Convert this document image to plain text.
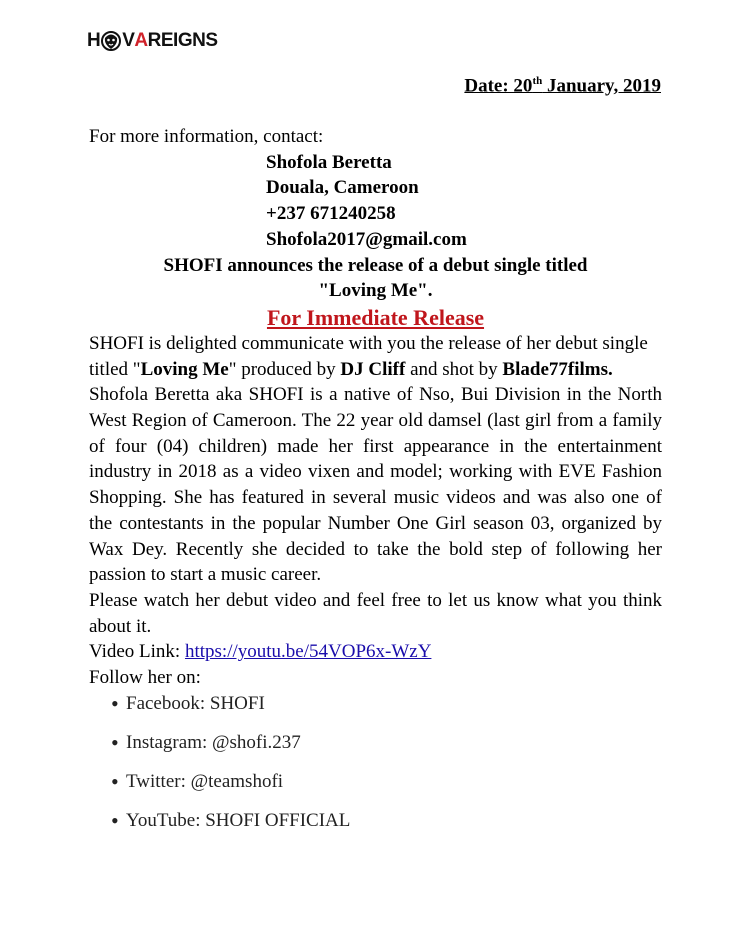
H V A REIGNS
Date: 20th January, 2019
For more information, contact:
Shofola Beretta
Douala, Cameroon
+237 671240258
Shofola2017@gmail.com
SHOFI announces the release of a debut single titled
"Loving Me".
For Immediate Release
SHOFI is delighted communicate with you the release of her debut single titled "Loving Me" produced by DJ Cliff and shot by Blade77films.
Shofola Beretta aka SHOFI is a native of Nso, Bui Division in the North West Region of Cameroon. The 22 year old damsel (last girl from a family of four (04) children) made her first appearance in the entertainment industry in 2018 as a video vixen and model; working with EVE Fashion Shopping. She has featured in several music videos and was also one of the contestants in the popular Number One Girl season 03, organized by Wax Dey. Recently she decided to take the bold step of following her passion to start a music career.
Please watch her debut video and feel free to let us know what you think about it.
Video Link: https://youtu.be/54VOP6x-WzY
Follow her on:
• Facebook: SHOFI
• Instagram: @shofi.237
• Twitter: @teamshofi
• YouTube: SHOFI OFFICIAL
